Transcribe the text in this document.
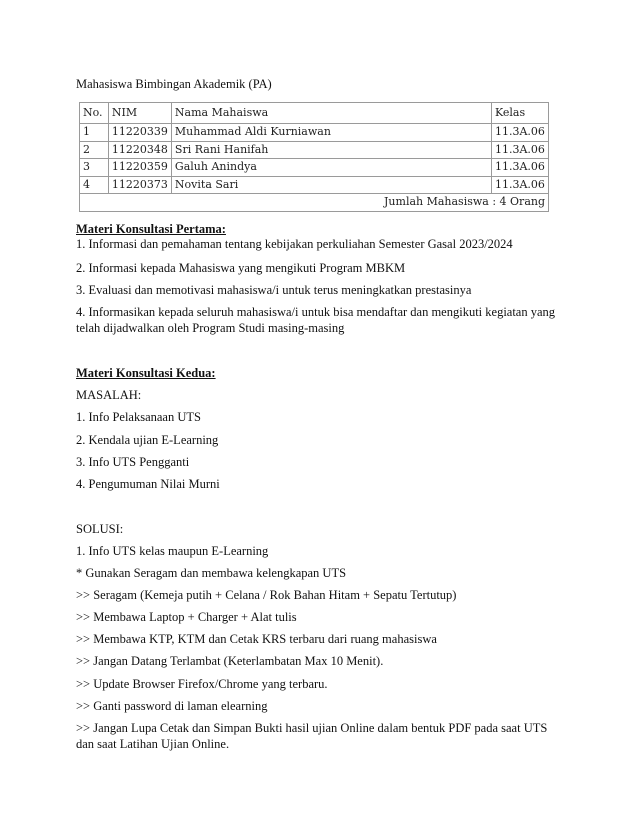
Mahasiswa Bimbingan Akademik (PA)
No.	NIM	Nama Mahaiswa	Kelas
1	11220339	Muhammad Aldi Kurniawan	11.3A.06
2	11220348	Sri Rani Hanifah	11.3A.06
3	11220359	Galuh Anindya	11.3A.06
4	11220373	Novita Sari	11.3A.06
Jumlah Mahasiswa : 4 Orang			

Materi Konsultasi Pertama:

1. Informasi dan pemahaman tentang kebijakan perkuliahan Semester Gasal 2023/2024

2. Informasi kepada Mahasiswa yang mengikuti Program MBKM

3. Evaluasi dan memotivasi mahasiswa/i untuk terus meningkatkan prestasinya

4. Informasikan kepada seluruh mahasiswa/i untuk bisa mendaftar dan mengikuti kegiatan yang telah dijadwalkan oleh Program Studi masing-masing

Materi Konsultasi Kedua:

MASALAH:

1. Info Pelaksanaan UTS

2. Kendala ujian E-Learning

3. Info UTS Pengganti

4. Pengumuman Nilai Murni

SOLUSI:

1. Info UTS kelas maupun E-Learning

* Gunakan Seragam dan membawa kelengkapan UTS

>> Seragam (Kemeja putih + Celana / Rok Bahan Hitam + Sepatu Tertutup)

>> Membawa Laptop + Charger + Alat tulis

>> Membawa KTP, KTM dan Cetak KRS terbaru dari ruang mahasiswa

>> Jangan Datang Terlambat (Keterlambatan Max 10 Menit).

>> Update Browser Firefox/Chrome yang terbaru.

>> Ganti password di laman elearning

>> Jangan Lupa Cetak dan Simpan Bukti hasil ujian Online dalam bentuk PDF pada saat UTS dan saat Latihan Ujian Online.
